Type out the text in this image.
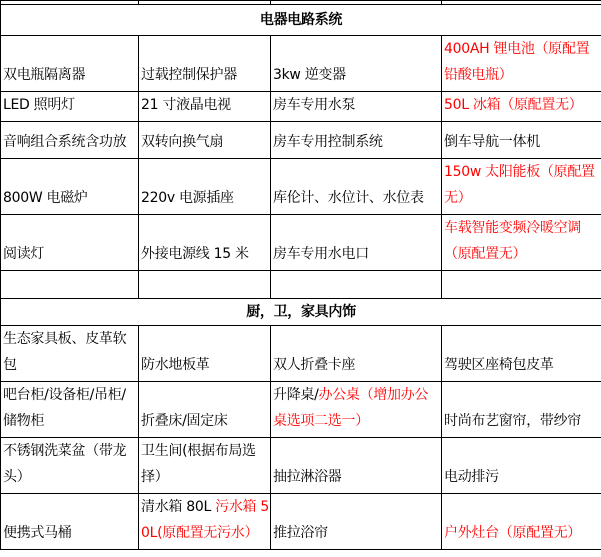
电器电路系统			
双电瓶隔离器	过载控制保护器	3kw 逆变器	400AH 锂电池（原配置铅酸电瓶）
LED 照明灯	21 寸液晶电视	房车专用水泵	50L 冰箱（原配置无）
音响组合系统含功放	双转向换气扇	房车专用控制系统	倒车导航一体机
800W 电磁炉	220v 电源插座	库伦计、水位计、水位表	150w 太阳能板（原配置无）
阅读灯	外接电源线 15 米	房车专用水电口	车载智能变频冷暖空调（原配置无）

厨，卫，家具内饰			
生态家具板、皮革软包	防水地板革	双人折叠卡座	驾驶区座椅包皮革
吧台柜/设备柜/吊柜/储物柜	折叠床/固定床	升降桌/办公桌（增加办公桌选项二选一）	时尚布艺窗帘，带纱帘
不锈钢洗菜盆（带龙头）	卫生间(根据布局选择）	抽拉淋浴器	电动排污
便携式马桶	清水箱 80L 污水箱 50L(原配置无污水）	推拉浴帘	户外灶台（原配置无）
